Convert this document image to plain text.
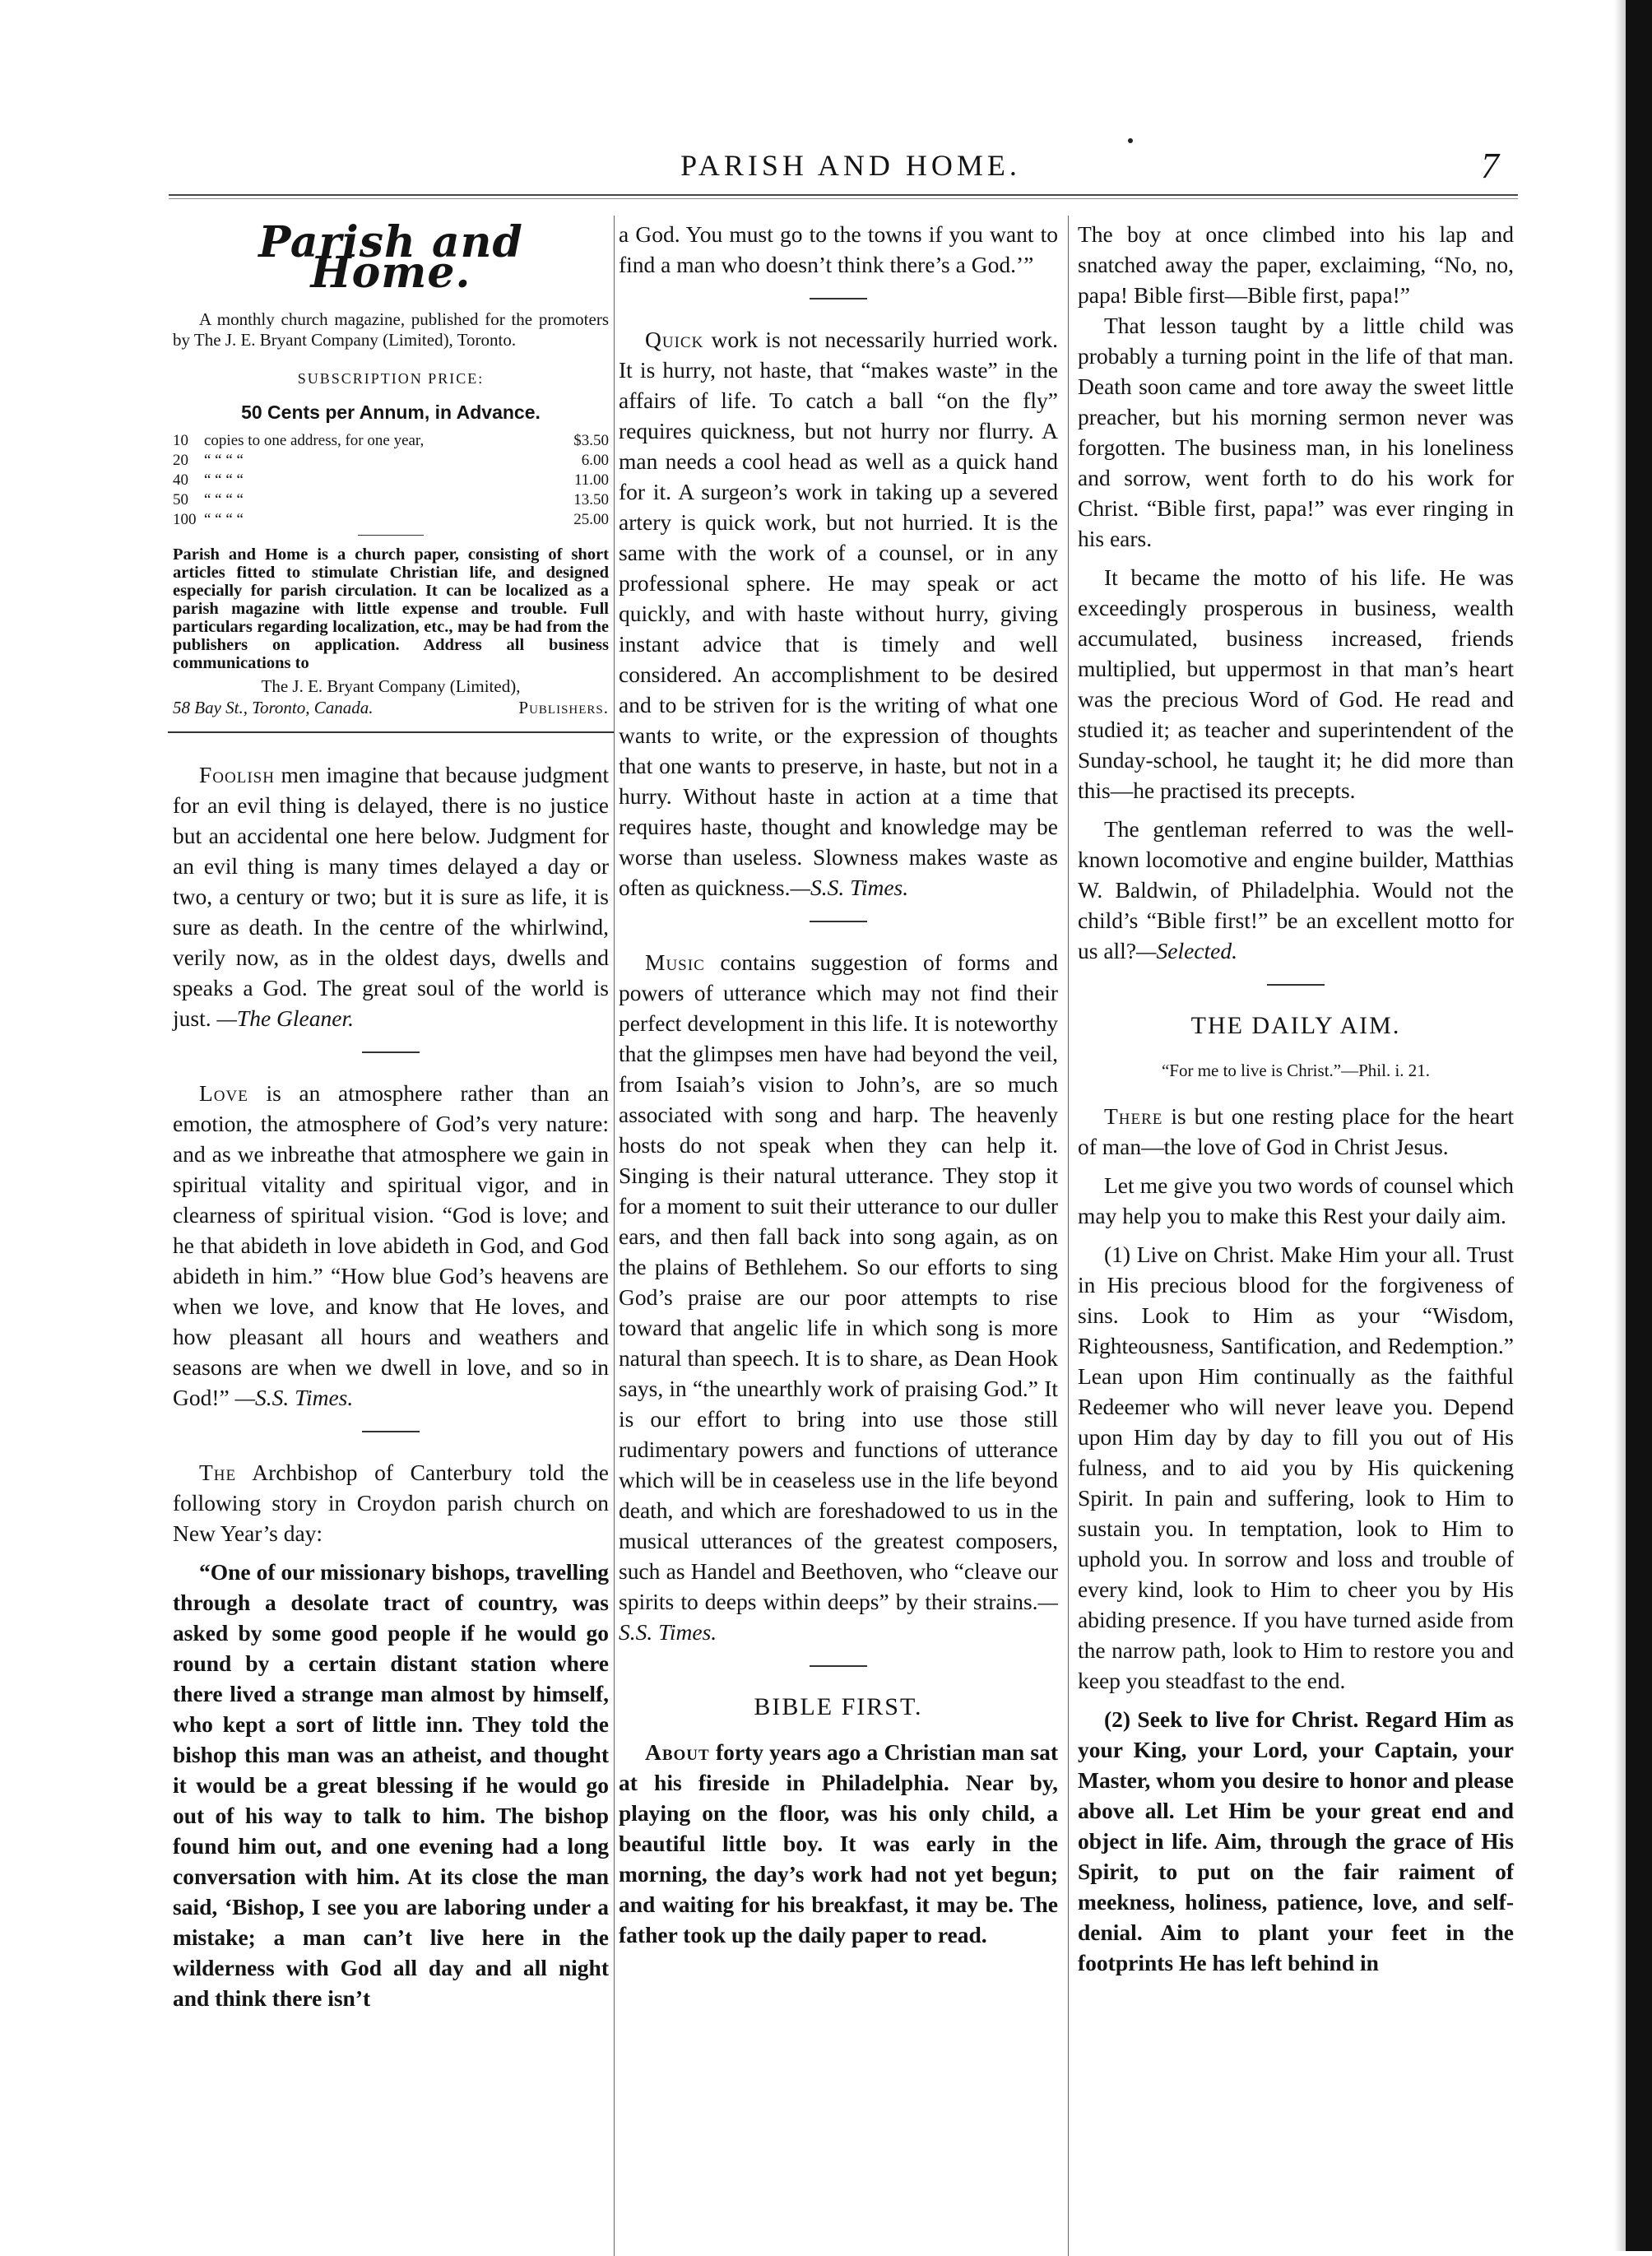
PARISH AND HOME.	7
Parish and Home.

A monthly church magazine, published for the promoters by The J. E. Bryant Company (Limited), Toronto.

SUBSCRIPTION PRICE:
50 Cents per Annum, in Advance.
10	copies to one address, for one year,	$3.50
20	“ “ “ “	6.00
40	“ “ “ “	11.00
50	“ “ “ “	13.50
100	“ “ “ “	25.00

Parish and Home is a church paper, consisting of short articles fitted to stimulate Christian life, and designed especially for parish circulation. It can be localized as a parish magazine with little expense and trouble. Full particulars regarding localization, etc., may be had from the publishers on application. Address all business communications to

The J. E. Bryant Company (Limited),
58 Bay St., Toronto, Canada.	Publishers.

Foolish men imagine that because judgment for an evil thing is delayed, there is no justice but an accidental one here below. Judgment for an evil thing is many times delayed a day or two, a century or two; but it is sure as life, it is sure as death. In the centre of the whirlwind, verily now, as in the oldest days, dwells and speaks a God. The great soul of the world is just. —The Gleaner.

Love is an atmosphere rather than an emotion, the atmosphere of God’s very nature: and as we inbreathe that atmosphere we gain in spiritual vitality and spiritual vigor, and in clearness of spiritual vision. “God is love; and he that abideth in love abideth in God, and God abideth in him.” “How blue God’s heavens are when we love, and know that He loves, and how pleasant all hours and weathers and seasons are when we dwell in love, and so in God!” —S.S. Times.

The Archbishop of Canterbury told the following story in Croydon parish church on New Year’s day:

“One of our missionary bishops, travelling through a desolate tract of country, was asked by some good people if he would go round by a certain distant station where there lived a strange man almost by himself, who kept a sort of little inn. They told the bishop this man was an atheist, and thought it would be a great blessing if he would go out of his way to talk to him. The bishop found him out, and one evening had a long conversation with him. At its close the man said, ‘Bishop, I see you are laboring under a mistake; a man can’t live here in the wilderness with God all day and all night and think there isn’t

a God. You must go to the towns if you want to find a man who doesn’t think there’s a God.’”

Quick work is not necessarily hurried work. It is hurry, not haste, that “makes waste” in the affairs of life. To catch a ball “on the fly” requires quickness, but not hurry nor flurry. A man needs a cool head as well as a quick hand for it. A surgeon’s work in taking up a severed artery is quick work, but not hurried. It is the same with the work of a counsel, or in any professional sphere. He may speak or act quickly, and with haste without hurry, giving instant advice that is timely and well considered. An accomplishment to be desired and to be striven for is the writing of what one wants to write, or the expression of thoughts that one wants to preserve, in haste, but not in a hurry. Without haste in action at a time that requires haste, thought and knowledge may be worse than useless. Slowness makes waste as often as quickness.—S.S. Times.

Music contains suggestion of forms and powers of utterance which may not find their perfect development in this life. It is noteworthy that the glimpses men have had beyond the veil, from Isaiah’s vision to John’s, are so much associated with song and harp. The heavenly hosts do not speak when they can help it. Singing is their natural utterance. They stop it for a moment to suit their utterance to our duller ears, and then fall back into song again, as on the plains of Bethlehem. So our efforts to sing God’s praise are our poor attempts to rise toward that angelic life in which song is more natural than speech. It is to share, as Dean Hook says, in “the unearthly work of praising God.” It is our effort to bring into use those still rudimentary powers and functions of utterance which will be in ceaseless use in the life beyond death, and which are foreshadowed to us in the musical utterances of the greatest composers, such as Handel and Beethoven, who “cleave our spirits to deeps within deeps” by their strains.—S.S. Times.

BIBLE FIRST.

About forty years ago a Christian man sat at his fireside in Philadelphia. Near by, playing on the floor, was his only child, a beautiful little boy. It was early in the morning, the day’s work had not yet begun; and waiting for his breakfast, it may be. The father took up the daily paper to read.

The boy at once climbed into his lap and snatched away the paper, exclaiming, “No, no, papa! Bible first—Bible first, papa!”

That lesson taught by a little child was probably a turning point in the life of that man. Death soon came and tore away the sweet little preacher, but his morning sermon never was forgotten. The business man, in his loneliness and sorrow, went forth to do his work for Christ. “Bible first, papa!” was ever ringing in his ears.

It became the motto of his life. He was exceedingly prosperous in business, wealth accumulated, business increased, friends multiplied, but uppermost in that man’s heart was the precious Word of God. He read and studied it; as teacher and superintendent of the Sunday-school, he taught it; he did more than this—he practised its precepts.

The gentleman referred to was the well-known locomotive and engine builder, Matthias W. Baldwin, of Philadelphia. Would not the child’s “Bible first!” be an excellent motto for us all?—Selected.

THE DAILY AIM.
“For me to live is Christ.”—Phil. i. 21.

There is but one resting place for the heart of man—the love of God in Christ Jesus.

Let me give you two words of counsel which may help you to make this Rest your daily aim.

(1) Live on Christ. Make Him your all. Trust in His precious blood for the forgiveness of sins. Look to Him as your “Wisdom, Righteousness, Santification, and Redemption.” Lean upon Him continually as the faithful Redeemer who will never leave you. Depend upon Him day by day to fill you out of His fulness, and to aid you by His quickening Spirit. In pain and suffering, look to Him to sustain you. In temptation, look to Him to uphold you. In sorrow and loss and trouble of every kind, look to Him to cheer you by His abiding presence. If you have turned aside from the narrow path, look to Him to restore you and keep you steadfast to the end.

(2) Seek to live for Christ. Regard Him as your King, your Lord, your Captain, your Master, whom you desire to honor and please above all. Let Him be your great end and object in life. Aim, through the grace of His Spirit, to put on the fair raiment of meekness, holiness, patience, love, and self-denial. Aim to plant your feet in the footprints He has left behind in
